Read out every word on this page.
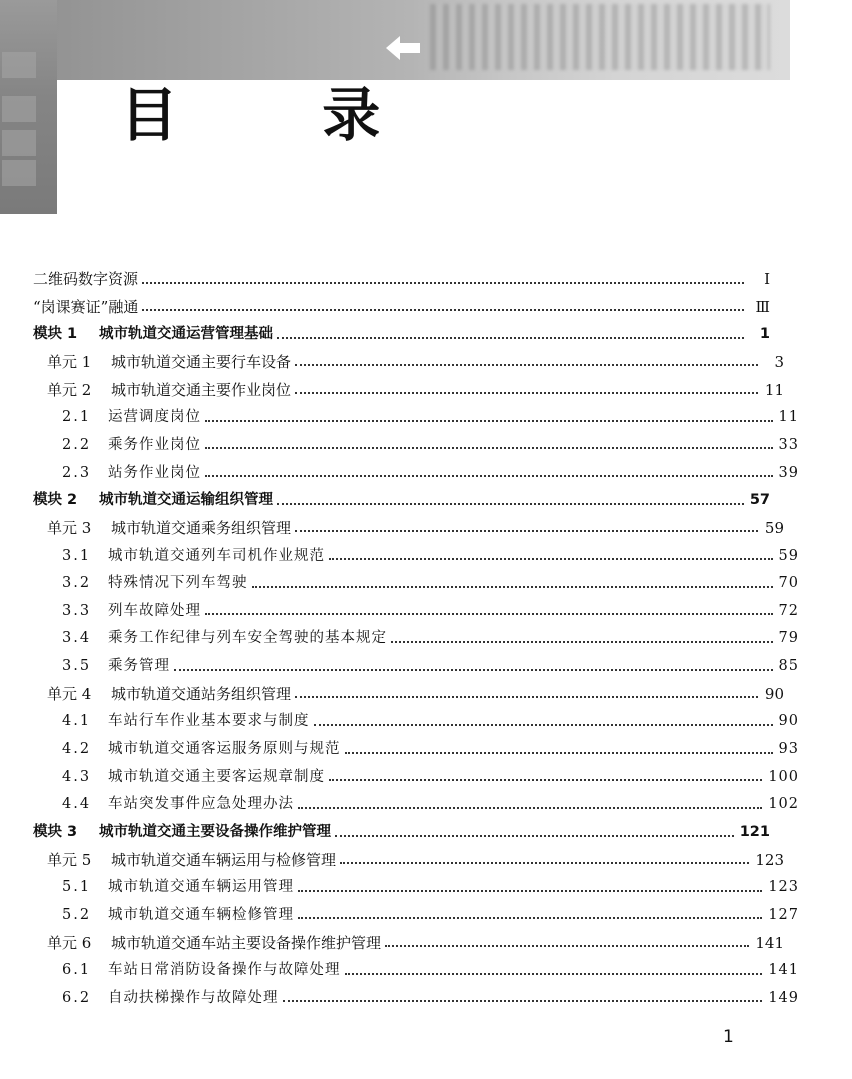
目 录
二维码数字资源	Ⅰ
“岗课赛证”融通	Ⅲ
模块 1	城市轨道交通运营管理基础	1
单元 1	城市轨道交通主要行车设备	3
单元 2	城市轨道交通主要作业岗位	11
2.1	运营调度岗位	11
2.2	乘务作业岗位	33
2.3	站务作业岗位	39
模块 2	城市轨道交通运输组织管理	57
单元 3	城市轨道交通乘务组织管理	59
3.1	城市轨道交通列车司机作业规范	59
3.2	特殊情况下列车驾驶	70
3.3	列车故障处理	72
3.4	乘务工作纪律与列车安全驾驶的基本规定	79
3.5	乘务管理	85
单元 4	城市轨道交通站务组织管理	90
4.1	车站行车作业基本要求与制度	90
4.2	城市轨道交通客运服务原则与规范	93
4.3	城市轨道交通主要客运规章制度	100
4.4	车站突发事件应急处理办法	102
模块 3	城市轨道交通主要设备操作维护管理	121
单元 5	城市轨道交通车辆运用与检修管理	123
5.1	城市轨道交通车辆运用管理	123
5.2	城市轨道交通车辆检修管理	127
单元 6	城市轨道交通车站主要设备操作维护管理	141
6.1	车站日常消防设备操作与故障处理	141
6.2	自动扶梯操作与故障处理	149
1
